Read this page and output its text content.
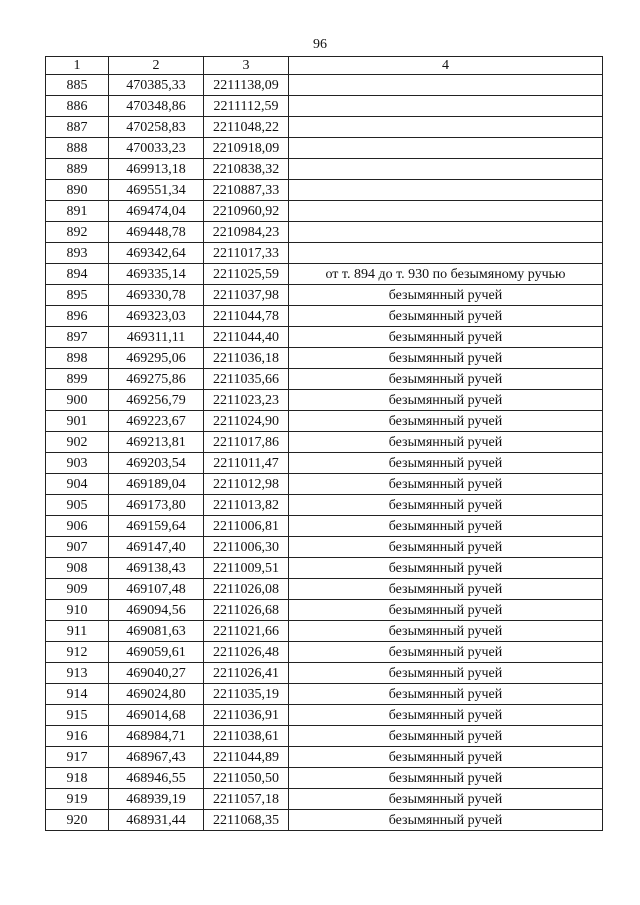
96
1	2	3	4
885	470385,33	2211138,09	
886	470348,86	2211112,59	
887	470258,83	2211048,22	
888	470033,23	2210918,09	
889	469913,18	2210838,32	
890	469551,34	2210887,33	
891	469474,04	2210960,92	
892	469448,78	2210984,23	
893	469342,64	2211017,33	
894	469335,14	2211025,59	от т. 894 до т. 930 по безымяному ручью
895	469330,78	2211037,98	безымянный ручей
896	469323,03	2211044,78	безымянный ручей
897	469311,11	2211044,40	безымянный ручей
898	469295,06	2211036,18	безымянный ручей
899	469275,86	2211035,66	безымянный ручей
900	469256,79	2211023,23	безымянный ручей
901	469223,67	2211024,90	безымянный ручей
902	469213,81	2211017,86	безымянный ручей
903	469203,54	2211011,47	безымянный ручей
904	469189,04	2211012,98	безымянный ручей
905	469173,80	2211013,82	безымянный ручей
906	469159,64	2211006,81	безымянный ручей
907	469147,40	2211006,30	безымянный ручей
908	469138,43	2211009,51	безымянный ручей
909	469107,48	2211026,08	безымянный ручей
910	469094,56	2211026,68	безымянный ручей
911	469081,63	2211021,66	безымянный ручей
912	469059,61	2211026,48	безымянный ручей
913	469040,27	2211026,41	безымянный ручей
914	469024,80	2211035,19	безымянный ручей
915	469014,68	2211036,91	безымянный ручей
916	468984,71	2211038,61	безымянный ручей
917	468967,43	2211044,89	безымянный ручей
918	468946,55	2211050,50	безымянный ручей
919	468939,19	2211057,18	безымянный ручей
920	468931,44	2211068,35	безымянный ручей
